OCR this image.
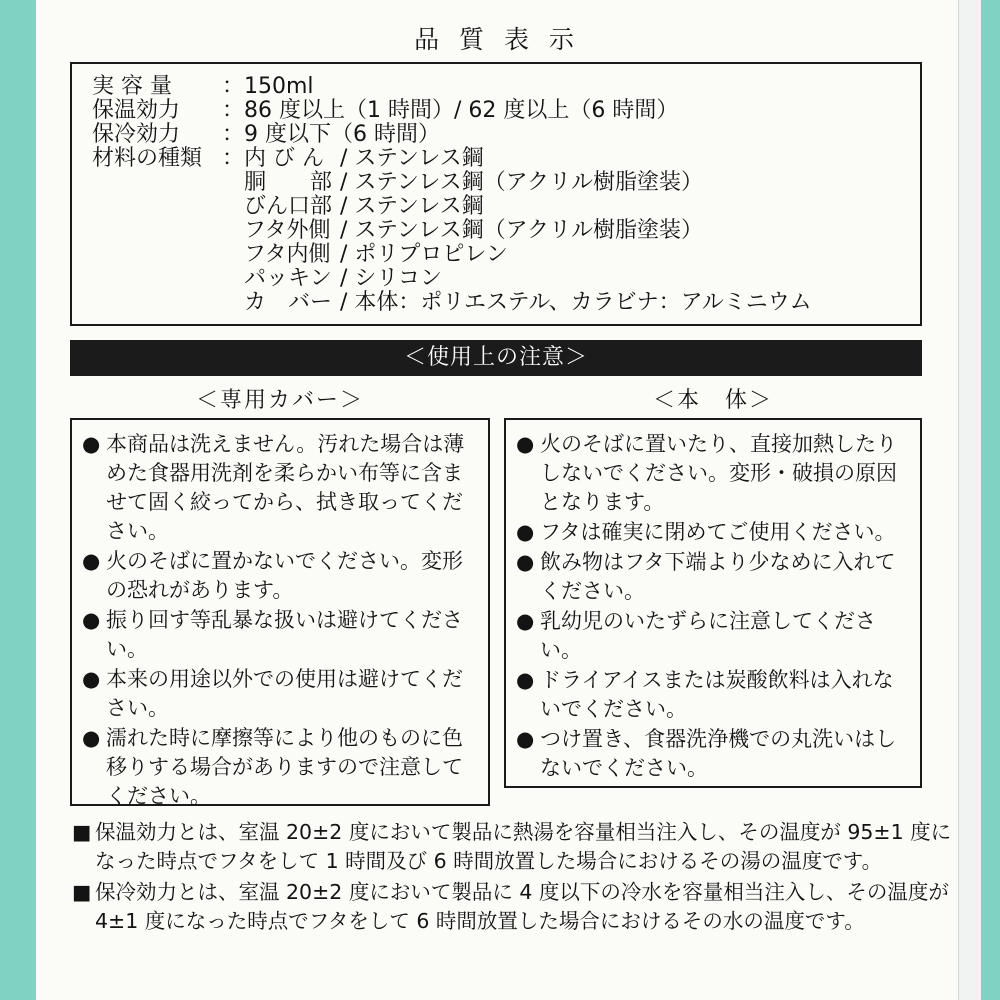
品 質 表 示
実 容 量	： 150ml
保温効力	： 86 度以上（1 時間）/ 62 度以上（6 時間）
保冷効力	： 9 度以下（6 時間）
材料の種類 ： 内 び ん / ステンレス鋼
胴　　部 / ステンレス鋼（アクリル樹脂塗装）
びん口部 / ステンレス鋼
フタ外側 / ステンレス鋼（アクリル樹脂塗装）
フタ内側 / ポリプロピレン
パッキン / シリコン
カ　バー / 本体：ポリエステル、カラビナ：アルミニウム
＜使用上の注意＞
＜専用カバー＞	＜本　体＞
● 本商品は洗えません。汚れた場合は薄めた食器用洗剤を柔らかい布等に含ませて固く絞ってから、拭き取ってください。
● 火のそばに置かないでください。変形の恐れがあります。
● 振り回す等乱暴な扱いは避けてください。
● 本来の用途以外での使用は避けてください。
● 濡れた時に摩擦等により他のものに色移りする場合がありますので注意してください。
● 火のそばに置いたり、直接加熱したりしないでください。変形・破損の原因となります。
● フタは確実に閉めてご使用ください。
● 飲み物はフタ下端より少なめに入れてください。
● 乳幼児のいたずらに注意してください。
● ドライアイスまたは炭酸飲料は入れないでください。
● つけ置き、食器洗浄機での丸洗いはしないでください。
■ 保温効力とは、室温 20±2 度において製品に熱湯を容量相当注入し、その温度が 95±1 度になった時点でフタをして 1 時間及び 6 時間放置した場合におけるその湯の温度です。
■ 保冷効力とは、室温 20±2 度において製品に 4 度以下の冷水を容量相当注入し、その温度が 4±1 度になった時点でフタをして 6 時間放置した場合におけるその水の温度です。
